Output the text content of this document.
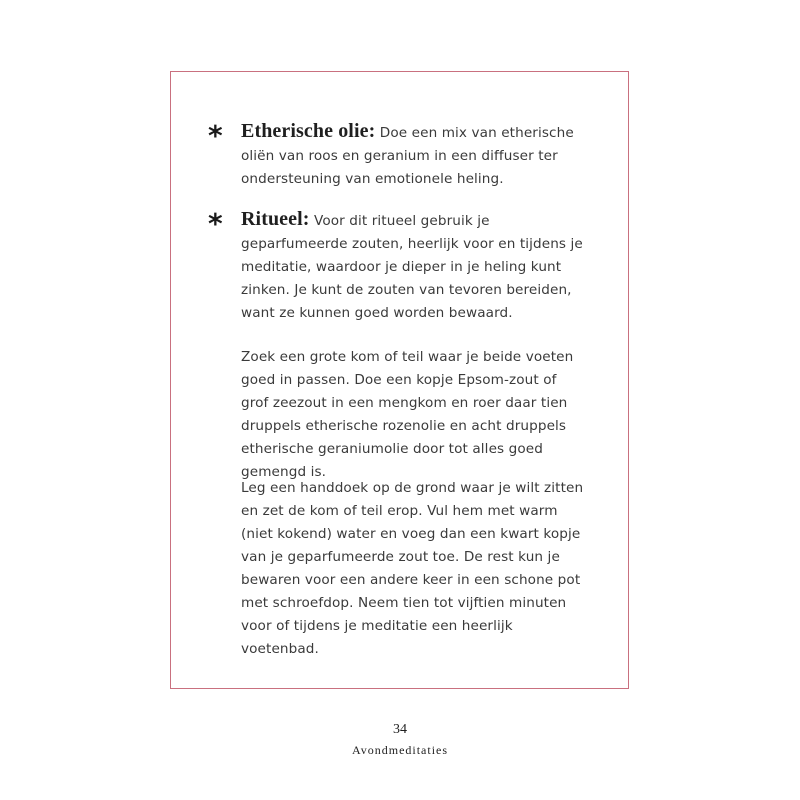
* Etherische olie: Doe een mix van etherische oliën van roos en geranium in een diffuser ter ondersteuning van emotionele heling.

* Ritueel: Voor dit ritueel gebruik je geparfumeerde zouten, heerlijk voor en tijdens je meditatie, waardoor je dieper in je heling kunt zinken. Je kunt de zouten van tevoren bereiden, want ze kunnen goed worden bewaard.

Zoek een grote kom of teil waar je beide voeten goed in passen. Doe een kopje Epsom-zout of grof zeezout in een mengkom en roer daar tien druppels etherische rozenolie en acht druppels etherische geraniumolie door tot alles goed gemengd is.

Leg een handdoek op de grond waar je wilt zitten en zet de kom of teil erop. Vul hem met warm (niet kokend) water en voeg dan een kwart kopje van je geparfumeerde zout toe. De rest kun je bewaren voor een andere keer in een schone pot met schroefdop. Neem tien tot vijftien minuten voor of tijdens je meditatie een heerlijk voetenbad.

34
Avondmeditaties
